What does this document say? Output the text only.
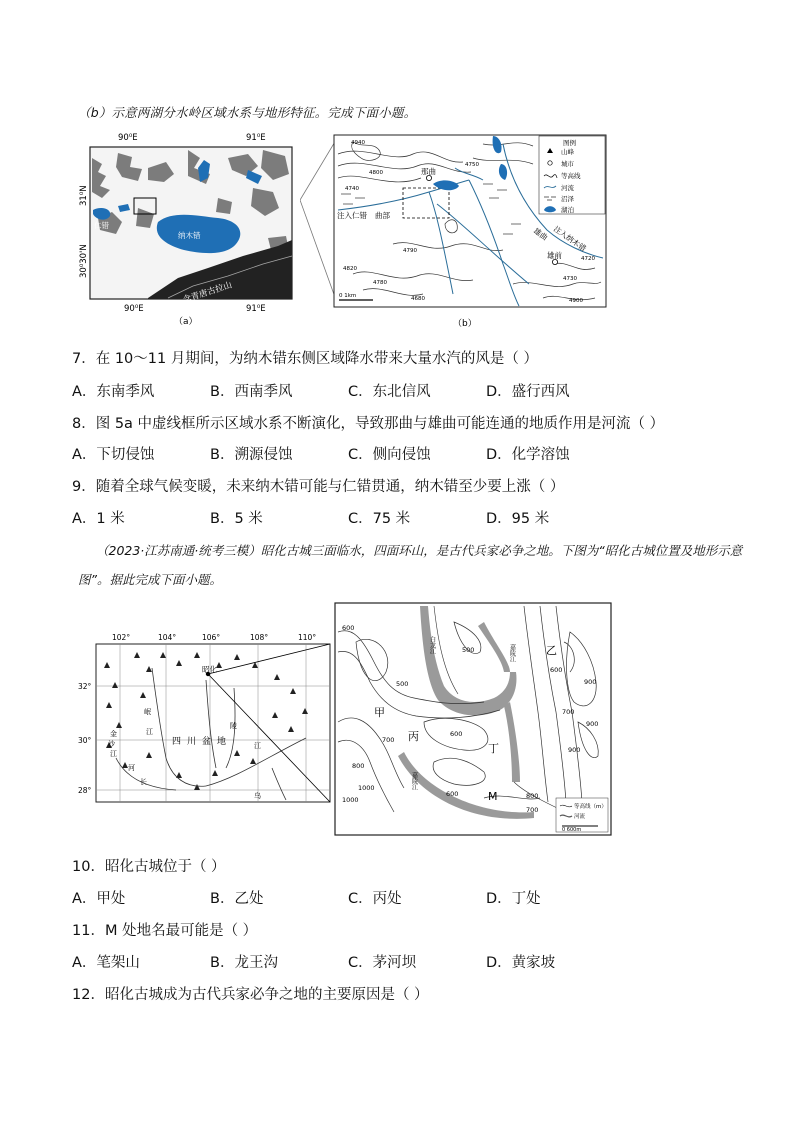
（b）示意两湖分水岭区域水系与地形特征。完成下面小题。
90⁰E	91⁰E
90⁰E	91⁰E
31⁰N
30⁰30'N
仁错
纳木错
念青唐古拉山
（a）
那曲
雄前
注入仁错 曲部
雄曲 注入纳木错
4800
4750
4790
4740
4730
4720
4780
4820
4900
4940
4680
0 1km
图例
山峰
城市
等高线
河流
沼泽
湖泊
（b）
7．在 10～11 月期间，为纳木错东侧区域降水带来大量水汽的风是（ ）
A．东南季风	B．西南季风	C．东北信风	D．盛行西风
8．图 5a 中虚线框所示区域水系不断演化，导致那曲与雄曲可能连通的地质作用是河流（ ）
A．下切侵蚀	B．溯源侵蚀	C．侧向侵蚀	D．化学溶蚀
9．随着全球气候变暖，未来纳木错可能与仁错贯通，纳木错至少要上涨（ ）
A．1 米	B．5 米	C．75 米	D．95 米
（2023·江苏南通·统考三模）昭化古城三面临水，四面环山，是古代兵家必争之地。下图为“昭化古城位置及地形示意图”。据此完成下面小题。
102°	104°	106°	108°	110°
32°
30°
28°
四川盆地
昭化
岷
江
金
沙
江
河
陵
长
江
乌
甲
乙
丙
丁
M
600
500
500
600
700
800
900
900
1000	800
700
600
700
600
900
1000
白龙江	嘉陵江
嘉陵江
等高线（m）
河流
0 600m
10．昭化古城位于（ ）
A．甲处	B．乙处	C．丙处	D．丁处
11．M 处地名最可能是（ ）
A．笔架山	B．龙王沟	C．茅河坝	D．黄家坡
12．昭化古城成为古代兵家必争之地的主要原因是（ ）
